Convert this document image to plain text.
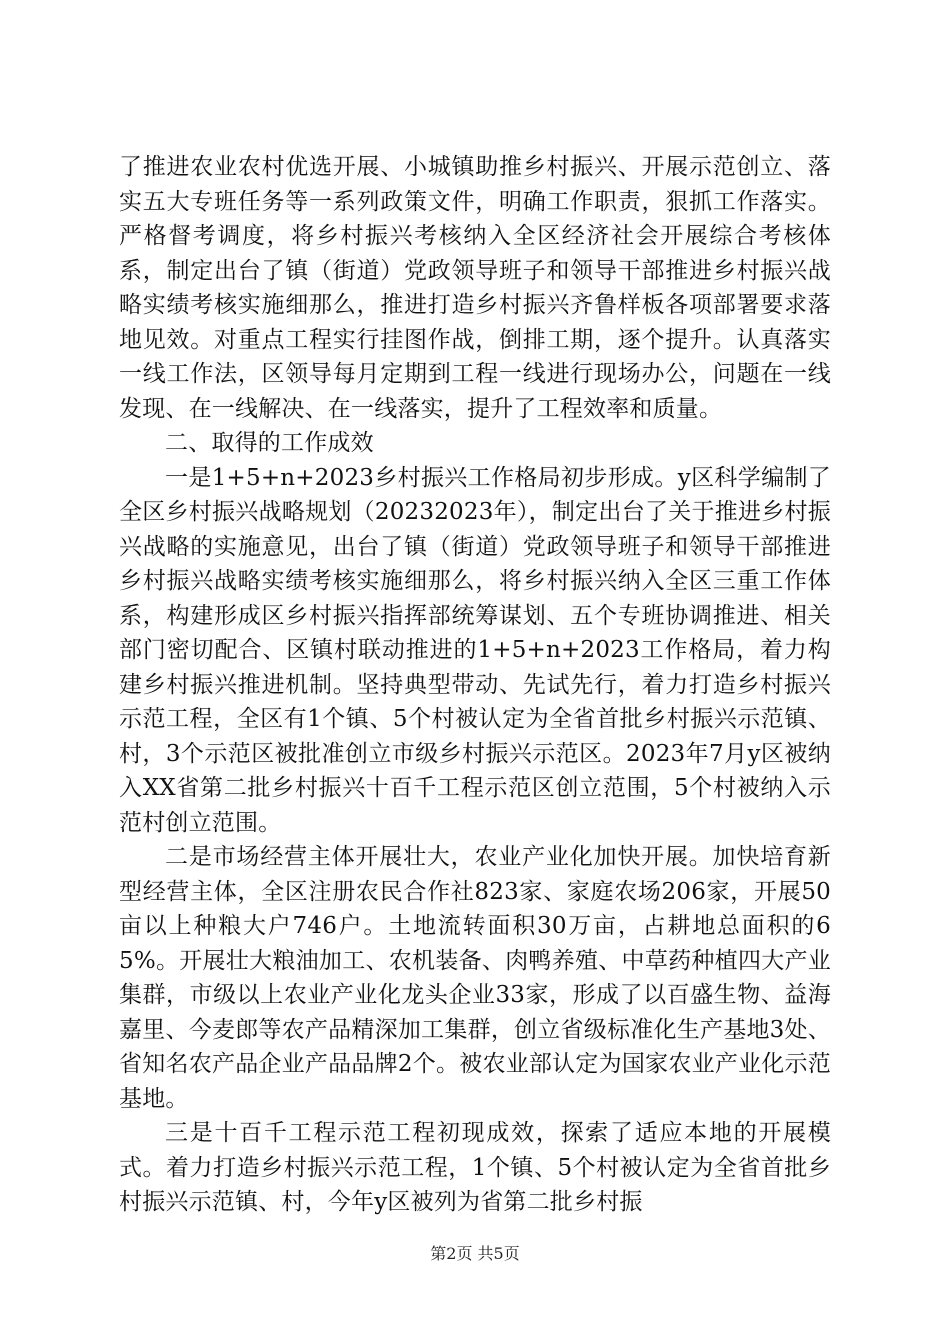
了推进农业农村优选开展、小城镇助推乡村振兴、开展示范创立、落实五大专班任务等一系列政策文件，明确工作职责，狠抓工作落实。严格督考调度，将乡村振兴考核纳入全区经济社会开展综合考核体系，制定出台了镇（街道）党政领导班子和领导干部推进乡村振兴战略实绩考核实施细那么，推进打造乡村振兴齐鲁样板各项部署要求落地见效。对重点工程实行挂图作战，倒排工期，逐个提升。认真落实一线工作法，区领导每月定期到工程一线进行现场办公，问题在一线发现、在一线解决、在一线落实，提升了工程效率和质量。

二、取得的工作成效

一是1+5+n+2023乡村振兴工作格局初步形成。y区科学编制了全区乡村振兴战略规划（20232023年），制定出台了关于推进乡村振兴战略的实施意见，出台了镇（街道）党政领导班子和领导干部推进乡村振兴战略实绩考核实施细那么，将乡村振兴纳入全区三重工作体系，构建形成区乡村振兴指挥部统筹谋划、五个专班协调推进、相关部门密切配合、区镇村联动推进的1+5+n+2023工作格局，着力构建乡村振兴推进机制。坚持典型带动、先试先行，着力打造乡村振兴示范工程，全区有1个镇、5个村被认定为全省首批乡村振兴示范镇、村，3个示范区被批准创立市级乡村振兴示范区。2023年7月y区被纳入XX省第二批乡村振兴十百千工程示范区创立范围，5个村被纳入示范村创立范围。

二是市场经营主体开展壮大，农业产业化加快开展。加快培育新型经营主体，全区注册农民合作社823家、家庭农场206家，开展50亩以上种粮大户746户。土地流转面积30万亩，占耕地总面积的65%。开展壮大粮油加工、农机装备、肉鸭养殖、中草药种植四大产业集群，市级以上农业产业化龙头企业33家，形成了以百盛生物、益海嘉里、今麦郎等农产品精深加工集群，创立省级标准化生产基地3处、省知名农产品企业产品品牌2个。被农业部认定为国家农业产业化示范基地。

三是十百千工程示范工程初现成效，探索了适应本地的开展模式。着力打造乡村振兴示范工程，1个镇、5个村被认定为全省首批乡村振兴示范镇、村，今年y区被列为省第二批乡村振

第2页 共5页
